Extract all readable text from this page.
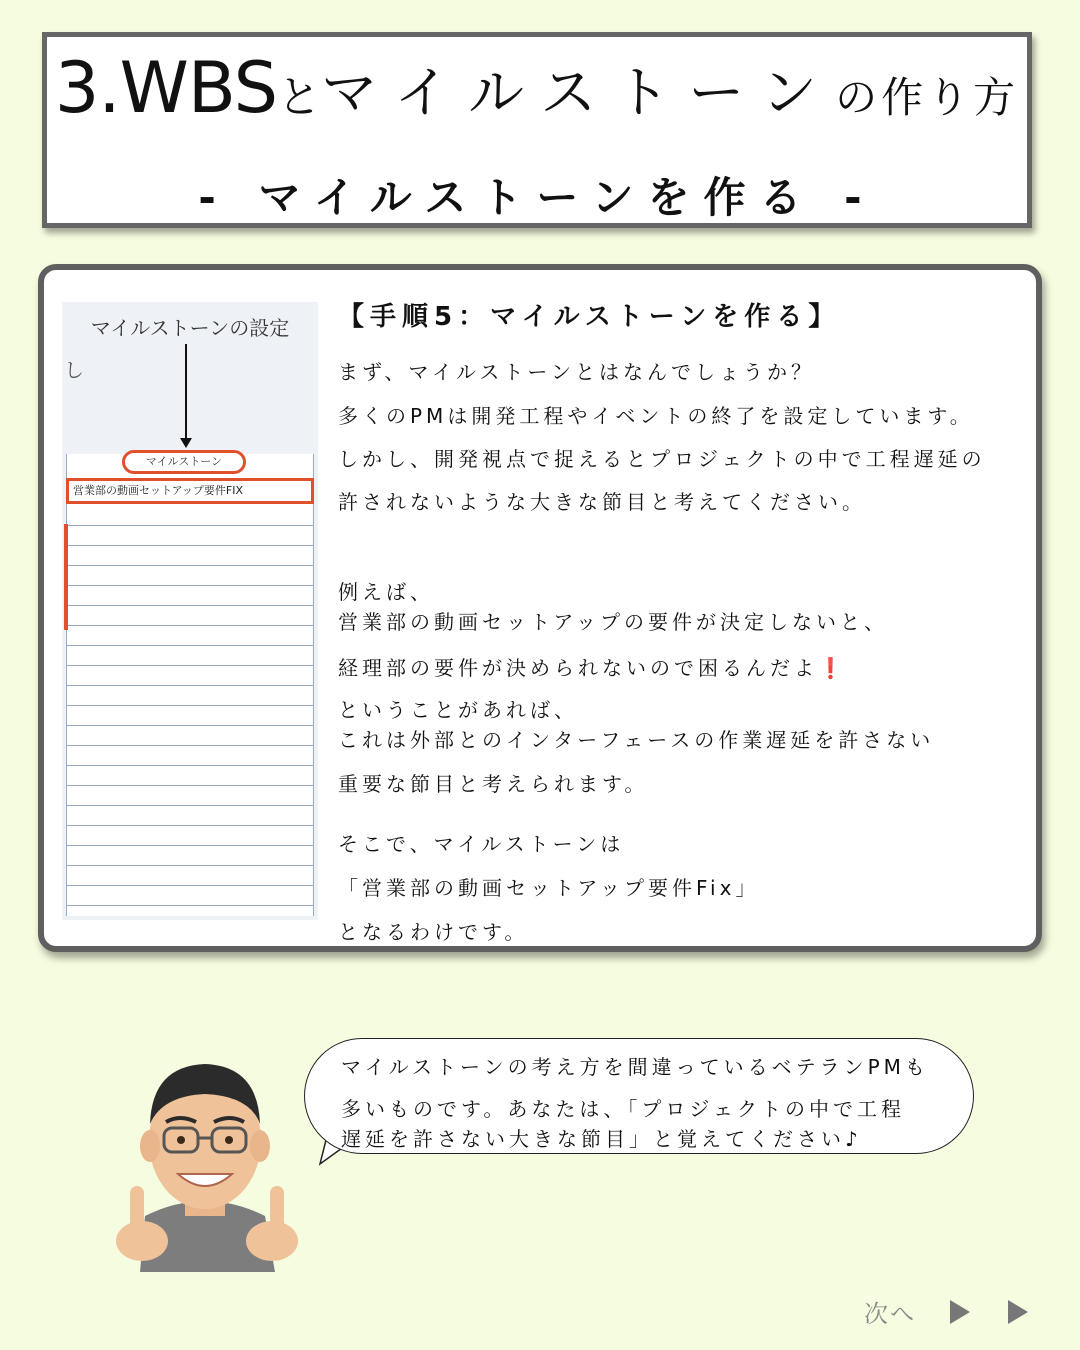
3.WBSとマイルストーンの作り方
- マイルストーンを作る -
マイルストーンの設定
し
マイルストーン
営業部の動画セットアップ要件FIX
【手順5：マイルストーンを作る】
まず、マイルストーンとはなんでしょうか？
多くのPMは開発工程やイベントの終了を設定しています。
しかし、開発視点で捉えるとプロジェクトの中で工程遅延の
許されないような大きな節目と考えてください。
例えば、
営業部の動画セットアップの要件が決定しないと、
経理部の要件が決められないので困るんだよ❗
ということがあれば、
これは外部とのインターフェースの作業遅延を許さない
重要な節目と考えられます。
そこで、マイルストーンは
「営業部の動画セットアップ要件Fix」
となるわけです。
マイルストーンの考え方を間違っているベテランPMも
多いものです。あなたは、「プロジェクトの中で工程
遅延を許さない大きな節目」と覚えてください♪
次へ
